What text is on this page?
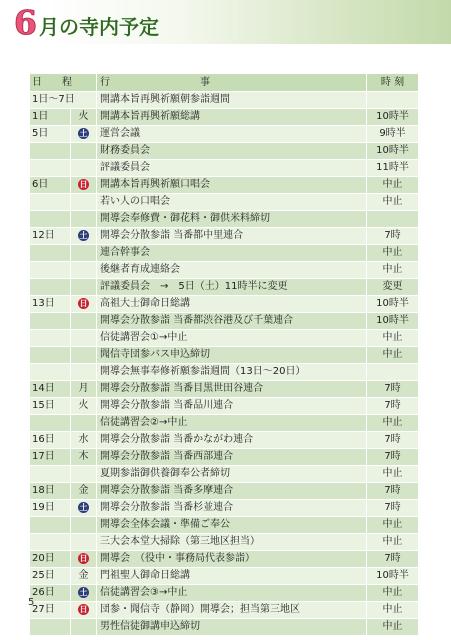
6 月の寺内予定
日　　程		行　　　　　　　　　事	時 刻
1日～7日		開講本旨再興祈願朝参詣週間	
1日	火	開講本旨再興祈願総講	10時半
5日	土	運営会議	9時半
		財務委員会	10時半
		評議委員会	11時半
6日	日	開講本旨再興祈願口唱会	中止
		若い人の口唱会	中止
		開導会奉修費・御花料・御供米料締切	
12日	土	開導会分散参詣 当番都中里連合	7時
		連合幹事会	中止
		後継者育成連絡会	中止
		評議委員会　→　5日（土）11時半に変更	変更
13日	日	高祖大士御命日総講	10時半
		開導会分散参詣 当番都渋谷港及び千葉連合	10時半
		信徒講習会①→中止	中止
		聞信寺団参バス申込締切	中止
		開導会無事奉修祈願参詣週間（13日～20日）	
14日	月	開導会分散参詣 当番目黒世田谷連合	7時
15日	火	開導会分散参詣 当番品川連合	7時
		信徒講習会②→中止	中止
16日	水	開導会分散参詣 当番かながわ連合	7時
17日	木	開導会分散参詣 当番西部連合	7時
		夏期参詣御供養御奉公者締切	中止
18日	金	開導会分散参詣 当番多摩連合	7時
19日	土	開導会分散参詣 当番杉並連合	7時
		開導会全体会議・準備ご奉公	中止
		三大会本堂大掃除（第三地区担当）	中止
20日	日	開導会　（役中・事務局代表参詣）	7時
25日	金	門祖聖人御命日総講	10時半
26日	土	信徒講習会③→中止	中止
27日	日	団参・聞信寺（静岡）開導会；担当第三地区	中止
		男性信徒御講申込締切	中止
5
